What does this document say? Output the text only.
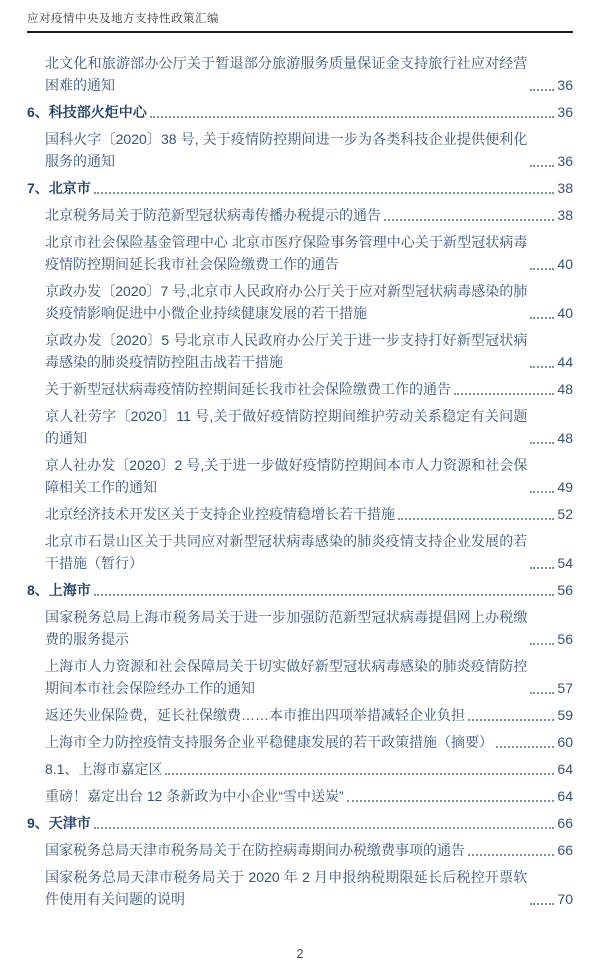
应对疫情中央及地方支持性政策汇编
北文化和旅游部办公厅关于暂退部分旅游服务质量保证金支持旅行社应对经营困难的通知	36
6、科技部火炬中心	36
国科火字〔2020〕38 号, 关于疫情防控期间进一步为各类科技企业提供便利化服务的通知	36
7、北京市	38
北京税务局关于防范新型冠状病毒传播办税提示的通告	38
北京市社会保险基金管理中心 北京市医疗保险事务管理中心关于新型冠状病毒疫情防控期间延长我市社会保险缴费工作的通告	40
京政办发〔2020〕7 号,北京市人民政府办公厅关于应对新型冠状病毒感染的肺炎疫情影响促进中小微企业持续健康发展的若干措施	40
京政办发〔2020〕5 号北京市人民政府办公厅关于进一步支持打好新型冠状病毒感染的肺炎疫情防控阻击战若干措施	44
关于新型冠状病毒疫情防控期间延长我市社会保险缴费工作的通告	48
京人社劳字〔2020〕11 号,关于做好疫情防控期间维护劳动关系稳定有关问题的通知	48
京人社办发〔2020〕2 号,关于进一步做好疫情防控期间本市人力资源和社会保障相关工作的通知	49
北京经济技术开发区关于支持企业控疫情稳增长若干措施	52
北京市石景山区关于共同应对新型冠状病毒感染的肺炎疫情支持企业发展的若干措施（暂行）	54
8、上海市	56
国家税务总局上海市税务局关于进一步加强防范新型冠状病毒提倡网上办税缴费的服务提示	56
上海市人力资源和社会保障局关于切实做好新型冠状病毒感染的肺炎疫情防控期间本市社会保险经办工作的通知	57
返还失业保险费，延长社保缴费……本市推出四项举措减轻企业负担	59
上海市全力防控疫情支持服务企业平稳健康发展的若干政策措施（摘要）	60
8.1、上海市嘉定区	64
重磅！嘉定出台 12 条新政为中小企业“雪中送炭”	64
9、天津市	66
国家税务总局天津市税务局关于在防控病毒期间办税缴费事项的通告	66
国家税务总局天津市税务局关于 2020 年 2 月申报纳税期限延长后税控开票软件使用有关问题的说明	70
2
